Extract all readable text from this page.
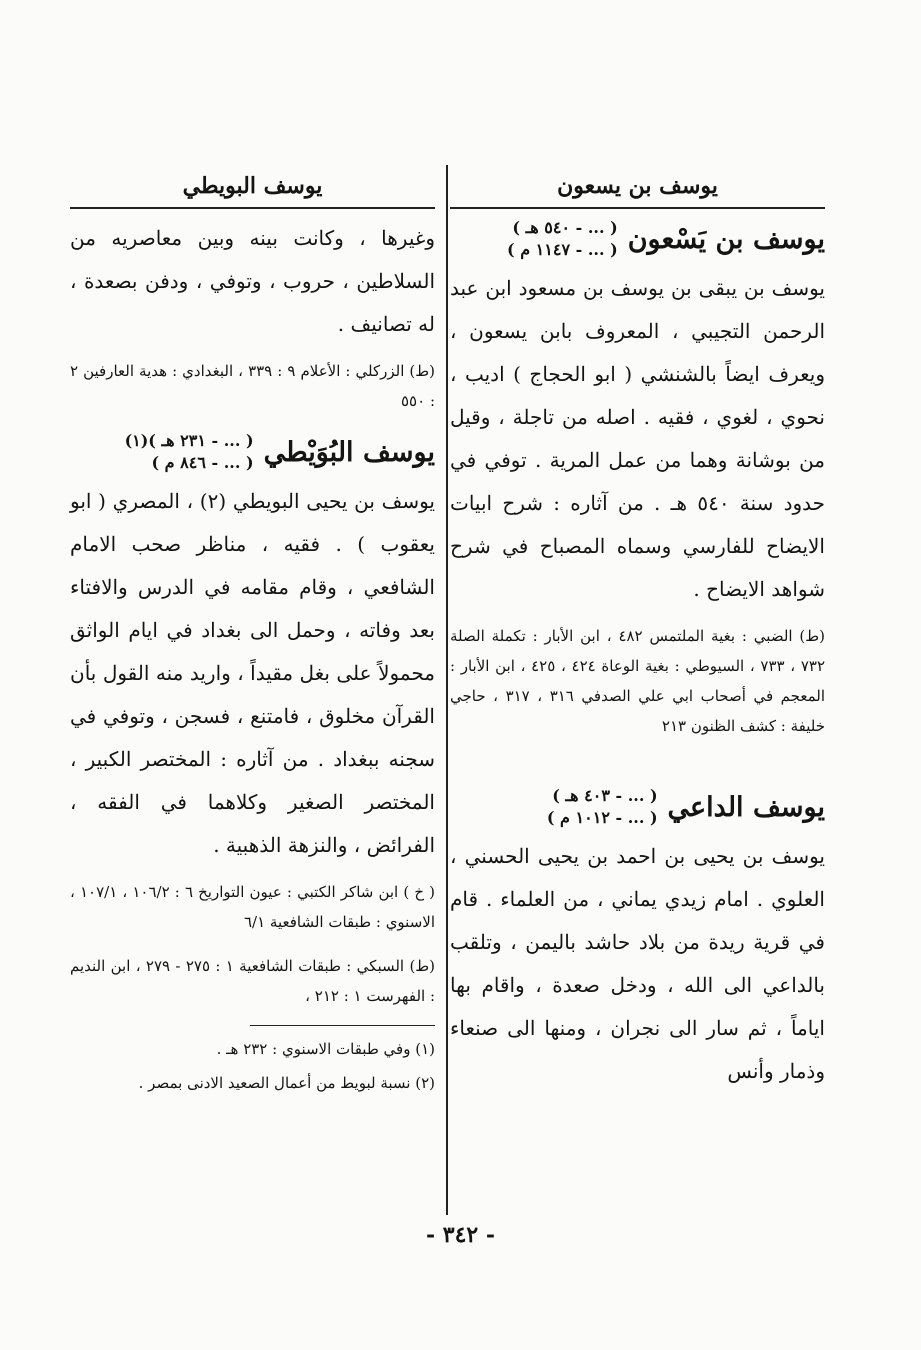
يوسف بن يسعون
يوسف بن يَسْعون
( ... - ٥٤٠ هـ )
( ... - ١١٤٧ م )

يوسف بن يبقى بن يوسف بن مسعود ابن عبد الرحمن التجيبي ، المعروف بابن يسعون ، ويعرف ايضاً بالشنشي ( ابو الحجاج ) اديب ، نحوي ، لغوي ، فقيه . اصله من تاجلة ، وقيل من بوشانة وهما من عمل المرية . توفي في حدود سنة ٥٤٠ هـ . من آثاره : شرح ابيات الايضاح للفارسي وسماه المصباح في شرح شواهد الايضاح .

(ط) الضبي : بغية الملتمس ٤٨٢ ، ابن الأبار : تكملة الصلة ٧٣٢ ، ٧٣٣ ، السيوطي : بغية الوعاة ٤٢٤ ، ٤٢٥ ، ابن الأبار : المعجم في أصحاب ابي علي الصدفي ٣١٦ ، ٣١٧ ، حاجي خليفة : كشف الظنون ٢١٣

يوسف الداعي
( ... - ٤٠٣ هـ )
( ... - ١٠١٢ م )

يوسف بن يحيى بن احمد بن يحيى الحسني ، العلوي . امام زيدي يماني ، من العلماء . قام في قرية ريدة من بلاد حاشد باليمن ، وتلقب بالداعي الى الله ، ودخل صعدة ، واقام بها اياماً ، ثم سار الى نجران ، ومنها الى صنعاء وذمار وأنس

يوسف البويطي

وغيرها ، وكانت بينه وبين معاصريه من السلاطين ، حروب ، وتوفي ، ودفن بصعدة ، له تصانيف .

(ط) الزركلي : الأعلام ٩ : ٣٣٩ ، البغدادي : هدية العارفين ٢ : ٥٥٠

يوسف البُوَيْطي
( ... - ٢٣١ هـ )(١)
( ... - ٨٤٦ م )

يوسف بن يحيى البويطي (٢) ، المصري ( ابو يعقوب ) . فقيه ، مناظر صحب الامام الشافعي ، وقام مقامه في الدرس والافتاء بعد وفاته ، وحمل الى بغداد في ايام الواثق محمولاً على بغل مقيداً ، واريد منه القول بأن القرآن مخلوق ، فامتنع ، فسجن ، وتوفي في سجنه ببغداد . من آثاره : المختصر الكبير ، المختصر الصغير وكلاهما في الفقه ، الفرائض ، والنزهة الذهبية .

( خ ) ابن شاكر الكتبي : عيون التواريخ ٦ : ١٠٦/٢ ، ١٠٧/١ ، الاسنوي : طبقات الشافعية ٦/١

(ط) السبكي : طبقات الشافعية ١ : ٢٧٥ - ٢٧٩ ، ابن النديم : الفهرست ١ : ٢١٢ ،

(١) وفي طبقات الاسنوي : ٢٣٢ هـ .
(٢) نسبة لبويط من أعمال الصعيد الادنى بمصر .
- ٣٤٢ -
